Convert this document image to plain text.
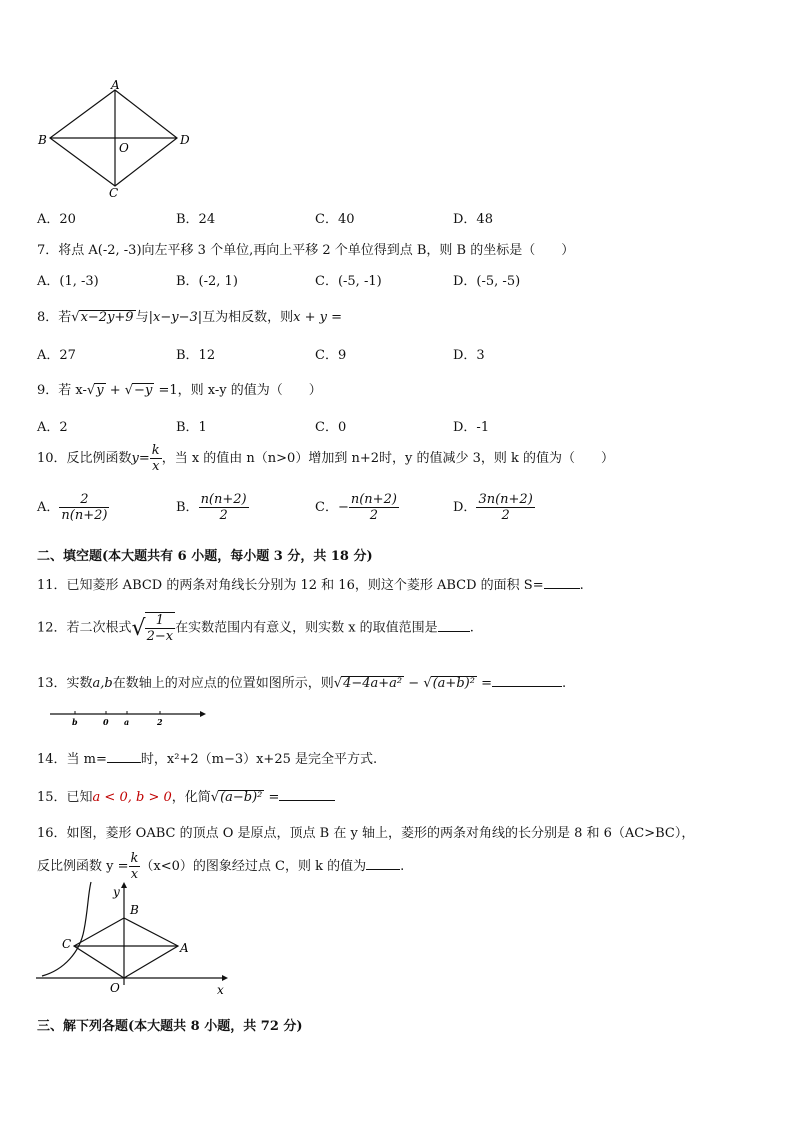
A
B
O
D
C
A．20	B．24	C．40	D．48
7．将点 A(-2, -3)向左平移 3 个单位,再向上平移 2 个单位得到点 B，则 B 的坐标是（　　）
A．(1, -3)	B．(-2, 1)	C．(-5, -1)	D．(-5, -5)
8．若√x−2y+9 与|x−y−3|互为相反数，则x + y =
A．27	B．12	C．9	D．3
9．若 x-√y + √−y =1，则 x-y 的值为（　　）
A．2	B．1	C．0	D．-1
10．反比例函数$y= \frac{k}{x}$ ，当 x 的值由 n（n>0）增加到 n+2时，y 的值减少 3，则 k 的值为（　　）
A． $\frac{2}{n(n+2)}$	B． $\frac{n(n+2)}{2}$	C．− $\frac{n(n+2)}{2}$	D． $\frac{3n(n+2)}{2}$
二、填空题(本大题共有 6 小题，每小题 3 分，共 18 分)
11．已知菱形 ABCD 的两条对角线长分别为 12 和 16，则这个菱形 ABCD 的面积 S=	.
12．若二次根式√ $\frac{1}{2-x}$ 在实数范围内有意义，则实数 x 的取值范围是 .
13．实数a,b在数轴上的对应点的位置如图所示，则√4−4a+a² − √(a+b)² =	.
b	0 a	2
14．当 m=	时，x²+2（m−3）x+25 是完全平方式.
15．已知a < 0, b > 0，化简√(a−b)² =
16．如图，菱形 OABC 的顶点 O 是原点，顶点 B 在 y 轴上，菱形的两条对角线的长分别是 8 和 6（AC>BC），
反比例函数 $y = \frac{k}{x} (x<0)$的图象经过点 C，则 k 的值为	.
y
B
C	A
O	x
三、解下列各题(本大题共 8 小题，共 72 分)
